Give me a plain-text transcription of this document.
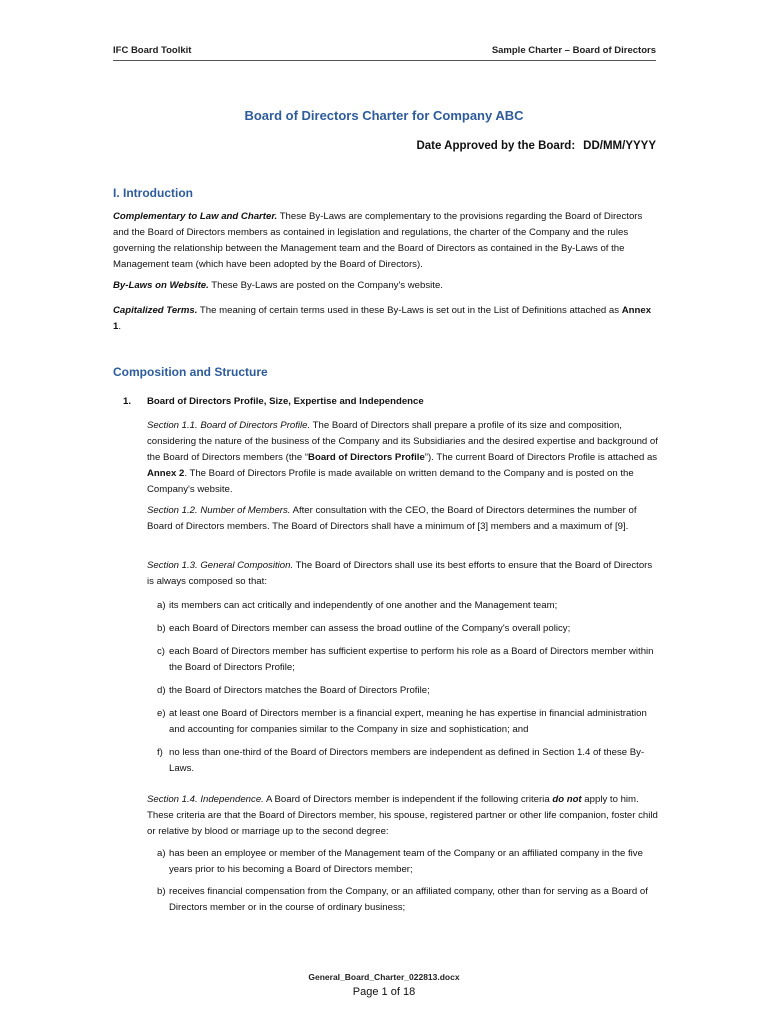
IFC Board Toolkit	Sample Charter – Board of Directors
Board of Directors Charter for Company ABC
Date Approved by the Board: DD/MM/YYYY
I. Introduction
Complementary to Law and Charter. These By-Laws are complementary to the provisions regarding the Board of Directors and the Board of Directors members as contained in legislation and regulations, the charter of the Company and the rules governing the relationship between the Management team and the Board of Directors as contained in the By-Laws of the Management team (which have been adopted by the Board of Directors).
By-Laws on Website. These By-Laws are posted on the Company's website.
Capitalized Terms. The meaning of certain terms used in these By-Laws is set out in the List of Definitions attached as Annex 1.
Composition and Structure
1. Board of Directors Profile, Size, Expertise and Independence
Section 1.1. Board of Directors Profile. The Board of Directors shall prepare a profile of its size and composition, considering the nature of the business of the Company and its Subsidiaries and the desired expertise and background of the Board of Directors members (the “Board of Directors Profile”). The current Board of Directors Profile is attached as Annex 2. The Board of Directors Profile is made available on written demand to the Company and is posted on the Company's website.
Section 1.2. Number of Members. After consultation with the CEO, the Board of Directors determines the number of Board of Directors members. The Board of Directors shall have a minimum of [3] members and a maximum of [9].
Section 1.3. General Composition. The Board of Directors shall use its best efforts to ensure that the Board of Directors is always composed so that:
a) its members can act critically and independently of one another and the Management team;
b) each Board of Directors member can assess the broad outline of the Company's overall policy;
c) each Board of Directors member has sufficient expertise to perform his role as a Board of Directors member within the Board of Directors Profile;
d) the Board of Directors matches the Board of Directors Profile;
e) at least one Board of Directors member is a financial expert, meaning he has expertise in financial administration and accounting for companies similar to the Company in size and sophistication; and
f) no less than one-third of the Board of Directors members are independent as defined in Section 1.4 of these By-Laws.
Section 1.4. Independence. A Board of Directors member is independent if the following criteria do not apply to him. These criteria are that the Board of Directors member, his spouse, registered partner or other life companion, foster child or relative by blood or marriage up to the second degree:
a) has been an employee or member of the Management team of the Company or an affiliated company in the five years prior to his becoming a Board of Directors member;
b) receives financial compensation from the Company, or an affiliated company, other than for serving as a Board of Directors member or in the course of ordinary business;
General_Board_Charter_022813.docx
Page 1 of 18
